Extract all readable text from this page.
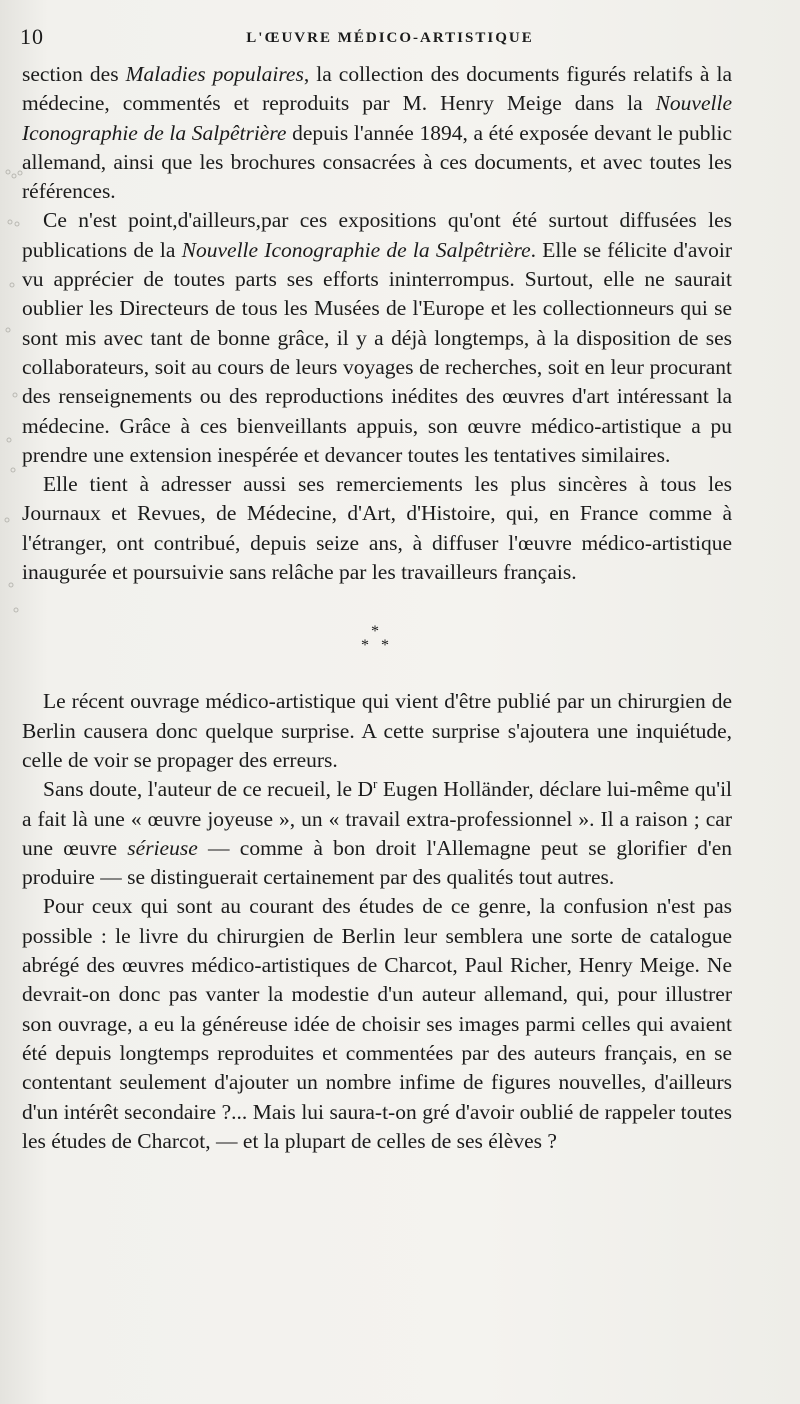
10	L'ŒUVRE MÉDICO-ARTISTIQUE

section des Maladies populaires, la collection des documents figurés relatifs à la médecine, commentés et reproduits par M. Henry Meige dans la Nouvelle Iconographie de la Salpêtrière depuis l'année 1894, a été exposée devant le public allemand, ainsi que les brochures consacrées à ces documents, et avec toutes les références.

Ce n'est point,d'ailleurs,par ces expositions qu'ont été surtout diffusées les publications de la Nouvelle Iconographie de la Salpêtrière. Elle se félicite d'avoir vu apprécier de toutes parts ses efforts ininterrompus. Surtout, elle ne saurait oublier les Directeurs de tous les Musées de l'Europe et les collectionneurs qui se sont mis avec tant de bonne grâce, il y a déjà longtemps, à la disposition de ses collaborateurs, soit au cours de leurs voyages de recherches, soit en leur procurant des renseignements ou des reproductions inédites des œuvres d'art intéressant la médecine. Grâce à ces bienveillants appuis, son œuvre médico-artistique a pu prendre une extension inespérée et devancer toutes les tentatives similaires.

Elle tient à adresser aussi ses remerciements les plus sincères à tous les Journaux et Revues, de Médecine, d'Art, d'Histoire, qui, en France comme à l'étranger, ont contribué, depuis seize ans, à diffuser l'œuvre médico-artistique inaugurée et poursuivie sans relâche par les travailleurs français.

*
* *

Le récent ouvrage médico-artistique qui vient d'être publié par un chirurgien de Berlin causera donc quelque surprise. A cette surprise s'ajoutera une inquiétude, celle de voir se propager des erreurs.

Sans doute, l'auteur de ce recueil, le $D^r$ Eugen Holländer, déclare lui-même qu'il a fait là une « œuvre joyeuse », un « travail extra-professionnel ». Il a raison ; car une œuvre sérieuse — comme à bon droit l'Allemagne peut se glorifier d'en produire — se distinguerait certainement par des qualités tout autres.

Pour ceux qui sont au courant des études de ce genre, la confusion n'est pas possible : le livre du chirurgien de Berlin leur semblera une sorte de catalogue abrégé des œuvres médico-artistiques de Charcot, Paul Richer, Henry Meige. Ne devrait-on donc pas vanter la modestie d'un auteur allemand, qui, pour illustrer son ouvrage, a eu la généreuse idée de choisir ses images parmi celles qui avaient été depuis longtemps reproduites et commentées par des auteurs français, en se contentant seulement d'ajouter un nombre infime de figures nouvelles, d'ailleurs d'un intérêt secondaire ?... Mais lui saura-t-on gré d'avoir oublié de rappeler toutes les études de Charcot, — et la plupart de celles de ses élèves ?
